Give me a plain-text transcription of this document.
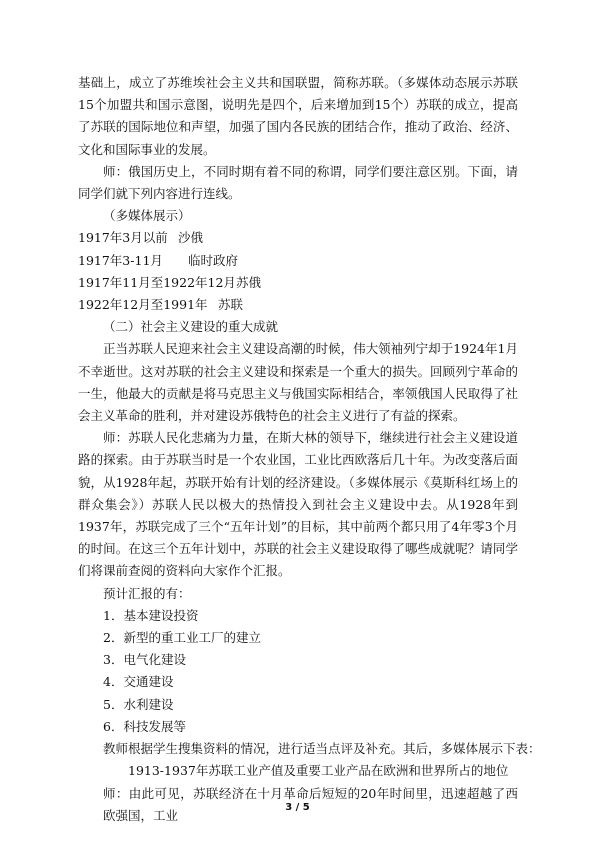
基础上，成立了苏维埃社会主义共和国联盟，简称苏联。（多媒体动态展示苏联15个加盟共和国示意图，说明先是四个，后来增加到15个）苏联的成立，提高了苏联的国际地位和声望，加强了国内各民族的团结合作，推动了政治、经济、文化和国际事业的发展。

师：俄国历史上，不同时期有着不同的称谓，同学们要注意区别。下面，请同学们就下列内容进行连线。

（多媒体展示）

1917年3月以前 沙俄
1917年3-11月	临时政府
1917年11月至1922年12月 苏俄
1922年12月至1991年 苏联

（二）社会主义建设的重大成就

正当苏联人民迎来社会主义建设高潮的时候，伟大领袖列宁却于1924年1月不幸逝世。这对苏联的社会主义建设和探索是一个重大的损失。回顾列宁革命的一生，他最大的贡献是将马克思主义与俄国实际相结合，率领俄国人民取得了社会主义革命的胜利，并对建设苏俄特色的社会主义进行了有益的探索。

师：苏联人民化悲痛为力量，在斯大林的领导下，继续进行社会主义建设道路的探索。由于苏联当时是一个农业国，工业比西欧落后几十年。为改变落后面貌，从1928年起，苏联开始有计划的经济建设。（多媒体展示《莫斯科红场上的群众集会》）苏联人民以极大的热情投入到社会主义建设中去。从1928年到1937年，苏联完成了三个“五年计划”的目标，其中前两个都只用了4年零3个月的时间。在这三个五年计划中，苏联的社会主义建设取得了哪些成就呢？请同学们将课前查阅的资料向大家作个汇报。

预计汇报的有：

1．基本建设投资

2．新型的重工业工厂的建立

3．电气化建设

4．交通建设

5．水利建设

6．科技发展等

教师根据学生搜集资料的情况，进行适当点评及补充。其后，多媒体展示下表：

1913-1937年苏联工业产值及重要工业产品在欧洲和世界所占的地位

师：由此可见，苏联经济在十月革命后短短的20年时间里，迅速超越了西欧强国，工业

3 / 5
